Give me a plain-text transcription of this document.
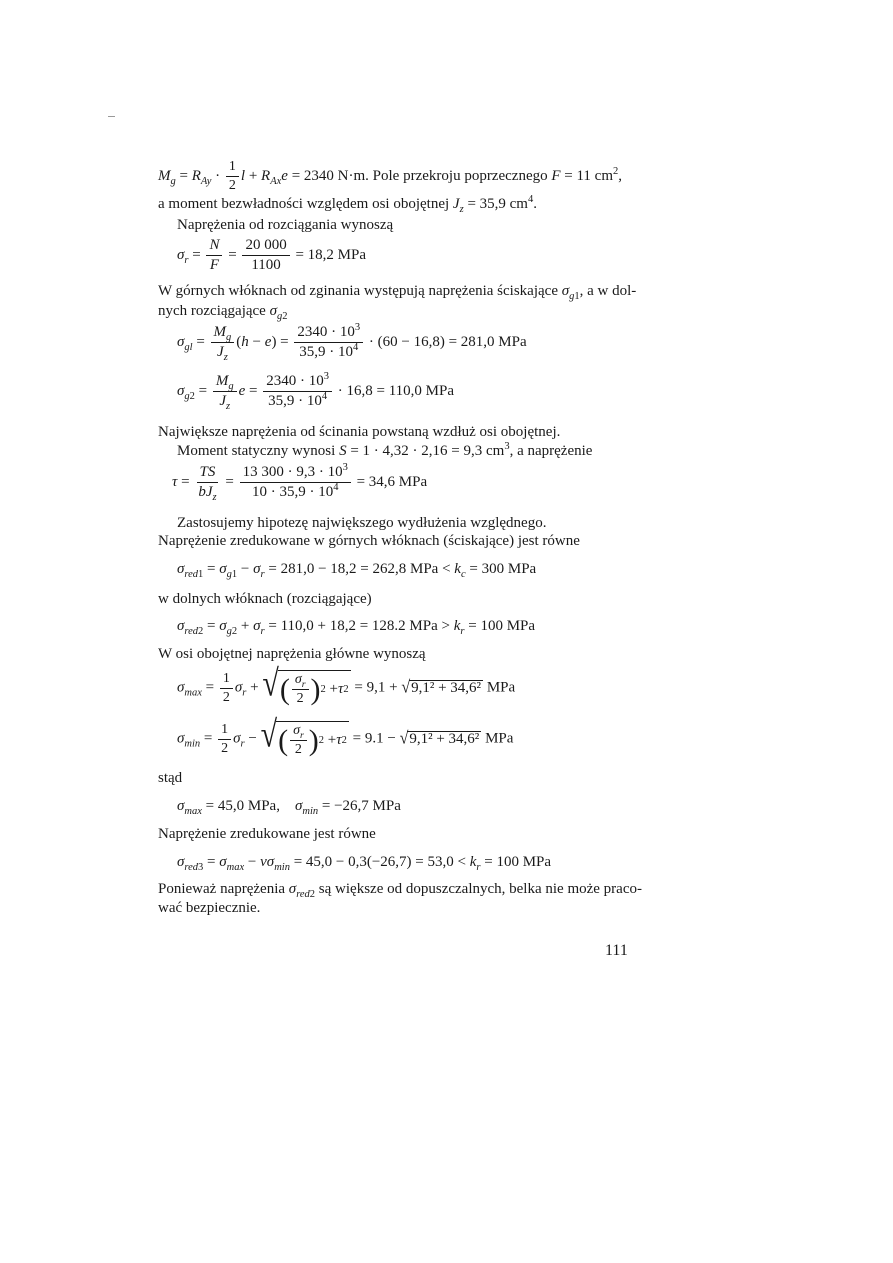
$M_g = R_{Ay} \cdot \frac{1}{2}$ $l + R_{Ax}e = 2340$ N·m. Pole przekroju poprzecznego F = 11 $cm^2$,
a moment bezwładności względem osi obojętnej $J_z = 35,9$ $cm^4$.
Naprężenia od rozciągania wynoszą
$\sigma_r = \frac{N}{F} = \frac{20 000}{1100} = 18,2$ MPa
W górnych włóknach od zginania występują naprężenia ściskające $\sigma_{g1}$, a w dol-
nych rozciągające $\sigma_{g2}$
$\sigma_{gl} = \frac{M_g}{J_z} (h - e) = \frac{2340 \cdot 10^3}{35,9 \cdot 10^4} \cdot (60 - 16,8) = 281,0$ MPa
$\sigma_{g2} = \frac{M_g}{J_z}$ $e = \frac{2340 \cdot 10^3}{35,9 \cdot 10^4} \cdot 16,8 = 110,0$ MPa
Największe naprężenia od ścinania powstaną wzdłuż osi obojętnej.
Moment statyczny wynosi S = 1 · 4,32 · 2,16 = 9,3 $cm^3$, a naprężenie
$\tau = \frac{TS}{bJ_z} = \frac{13 300 \cdot 9,3 \cdot 10^3}{10 \cdot 35,9 \cdot 10^4} = 34,6$ MPa
Zastosujemy hipotezę największego wydłużenia względnego.
Naprężenie zredukowane w górnych włóknach (ściskające) jest równe
$\sigma_{red1} = \sigma_{g1} - \sigma_r = 281,0 - 18,2 = 262,8$ MPa < $k_c = 300$ MPa
w dolnych włóknach (rozciągające)
$\sigma_{red2} = \sigma_{g2} + \sigma_r = 110,0 + 18,2 = 128.2$ MPa > $k_r = 100$ MPa
W osi obojętnej naprężenia główne wynoszą
$\sigma_{max} = \frac{1}{2} \sigma_r$ + √ ( $\frac{\sigma_r}{2}$ ) 2 + τ 2 = 9,1 + √ 9,1² + 34,6² MPa
$\sigma_{min} = \frac{1}{2} \sigma_r$ − √ ( $\frac{\sigma_r}{2}$ ) 2 + τ 2 = 9.1 − √ 9,1² + 34,6² MPa
stąd
$\sigma_{max} = 45,0$ MPa, $\sigma_{min} = -26,7$ MPa
Naprężenie zredukowane jest równe
$\sigma_{red3} = \sigma_{max} - \nu\sigma_{min} = 45,0 - 0,3(-26,7) = 53,0 < k_r = 100$ MPa
Ponieważ naprężenia $\sigma_{red2}$ są większe od dopuszczalnych, belka nie może praco-
wać bezpiecznie.
111
